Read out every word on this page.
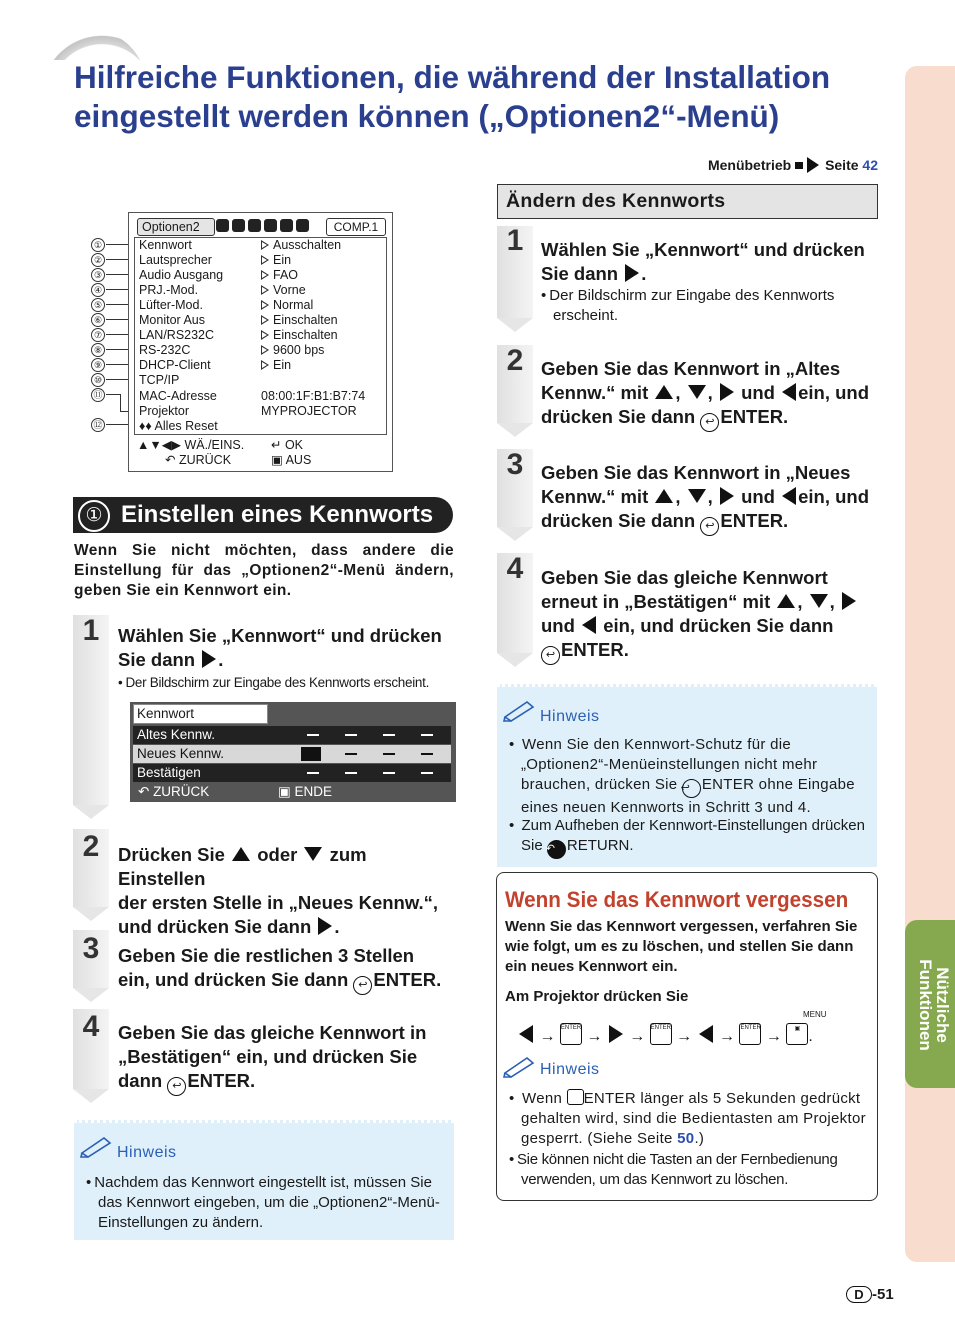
Hilfreiche Funktionen, die während der Installation
eingestellt werden können („Optionen2“-Menü)
Nützliche
Funktionen
Menübetrieb Seite 42
①
②
③
④
⑤
⑥
⑦
⑧
⑨
⑩
⑪
⑫
Optionen2	COMP.1
Kennwort	Ausschalten
Lautsprecher	Ein
Audio Ausgang	FAO
PRJ.-Mod.	Vorne
Lüfter-Mod.	Normal
Monitor Aus	Einschalten
LAN/RS232C	Einschalten
RS-232C	9600 bps
DHCP-Client	Ein
TCP/IP
MAC-Adresse	08:00:1F:B1:B7:74
Projektor	MYPROJECTOR
♦♦ Alles Reset
▲▼◀▶ WÄ./EINS. ↵ OK
↶ ZURÜCK	▣ AUS
① Einstellen eines Kennworts
Wenn Sie nicht möchten, dass andere die Einstellung für das „Optionen2“-Menü ändern, geben Sie ein Kennwort ein.
1	Wählen Sie „Kennwort“ und drücken
Sie dann .
• Der Bildschirm zur Eingabe des Kennworts erscheint.
Kennwort
Altes Kennw.
Neues Kennw.
Bestätigen
↶ ZURÜCK	▣ ENDE
2	Drücken Sie oder zum Einstellen
der ersten Stelle in „Neues Kennw.“,
und drücken Sie dann .
3	Geben Sie die restlichen 3 Stellen
ein, und drücken Sie dann ↩ ENTER.
4	Geben Sie das gleiche Kennwort in
„Bestätigen“ ein, und drücken Sie
dann ↩ ENTER.
Hinweis
• Nachdem das Kennwort eingestellt ist, müssen Sie das Kennwort eingeben, um die „Optionen2“-Menü-Einstellungen zu ändern.
Ändern des Kennworts
1 Wählen Sie „Kennwort“ und drücken
Sie dann .
• Der Bildschirm zur Eingabe des Kennworts erscheint.
2 Geben Sie das Kennwort in „Altes
Kennw.“ mit , ,  und ein, und
drücken Sie dann ↩ ENTER.
3 Geben Sie das Kennwort in „Neues
Kennw.“ mit , ,  und ein, und
drücken Sie dann ↩ ENTER.
4 Geben Sie das gleiche Kennwort
erneut in „Bestätigen“ mit , ,
und ein, und drücken Sie dann
↩ ENTER.
Hinweis
• Wenn Sie den Kennwort-Schutz für die „Optionen2“-Menüeinstellungen nicht mehr brauchen, drücken Sie ↩ ENTER ohne Eingabe eines neuen Kennworts in Schritt 3 und 4.
• Zum Aufheben der Kennwort-Einstellungen drücken Sie ↶ RETURN.
Wenn Sie das Kennwort vergessen
Wenn Sie das Kennwort vergessen, verfahren Sie wie folgt, um es zu löschen, und stellen Sie dann ein neues Kennwort ein.
Am Projektor drücken Sie
→ ENTER →  → ENTER →  → ENTER →	▣ .
MENU
Hinweis
• Wenn ENTER länger als 5 Sekunden gedrückt gehalten wird, sind die Bedientasten am Projektor gesperrt. (Siehe Seite 50.)
• Sie können nicht die Tasten an der Fernbedienung verwenden, um das Kennwort zu löschen.
D -51
